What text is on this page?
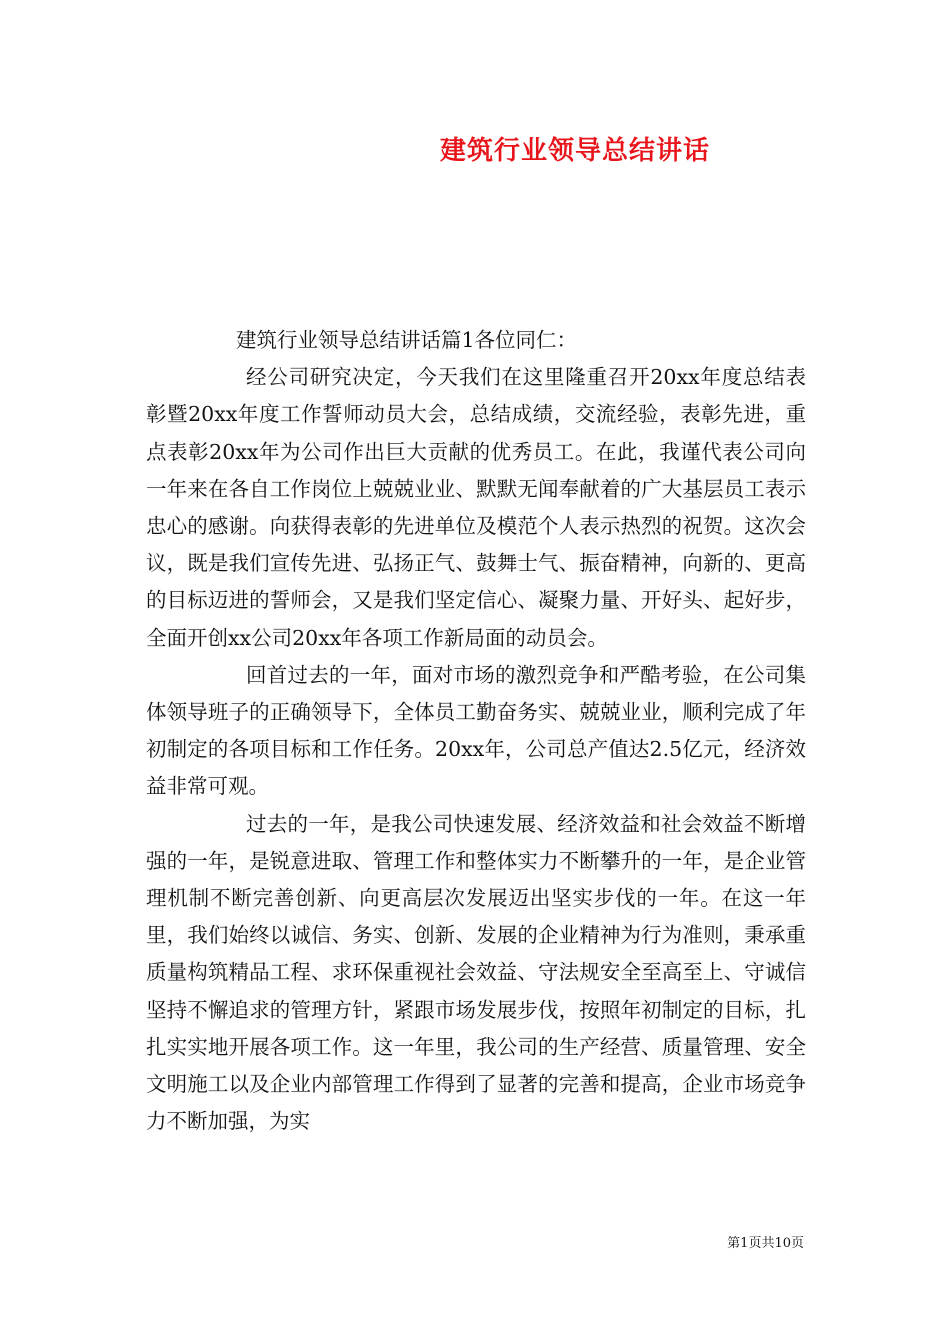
建筑行业领导总结讲话

建筑行业领导总结讲话篇1各位同仁：

经公司研究决定，今天我们在这里隆重召开20xx年度总结表彰暨20xx年度工作誓师动员大会，总结成绩，交流经验，表彰先进，重点表彰20xx年为公司作出巨大贡献的优秀员工。在此，我谨代表公司向一年来在各自工作岗位上兢兢业业、默默无闻奉献着的广大基层员工表示忠心的感谢。向获得表彰的先进单位及模范个人表示热烈的祝贺。这次会议，既是我们宣传先进、弘扬正气、鼓舞士气、振奋精神，向新的、更高的目标迈进的誓师会，又是我们坚定信心、凝聚力量、开好头、起好步，全面开创xx公司20xx年各项工作新局面的动员会。

回首过去的一年，面对市场的激烈竞争和严酷考验，在公司集体领导班子的正确领导下，全体员工勤奋务实、兢兢业业，顺利完成了年初制定的各项目标和工作任务。20xx年，公司总产值达2.5亿元，经济效益非常可观。

过去的一年，是我公司快速发展、经济效益和社会效益不断增强的一年，是锐意进取、管理工作和整体实力不断攀升的一年，是企业管理机制不断完善创新、向更高层次发展迈出坚实步伐的一年。在这一年里，我们始终以诚信、务实、创新、发展的企业精神为行为准则，秉承重质量构筑精品工程、求环保重视社会效益、守法规安全至高至上、守诚信坚持不懈追求的管理方针，紧跟市场发展步伐，按照年初制定的目标，扎扎实实地开展各项工作。这一年里，我公司的生产经营、质量管理、安全文明施工以及企业内部管理工作得到了显著的完善和提高，企业市场竞争力不断加强，为实

第1页共10页
